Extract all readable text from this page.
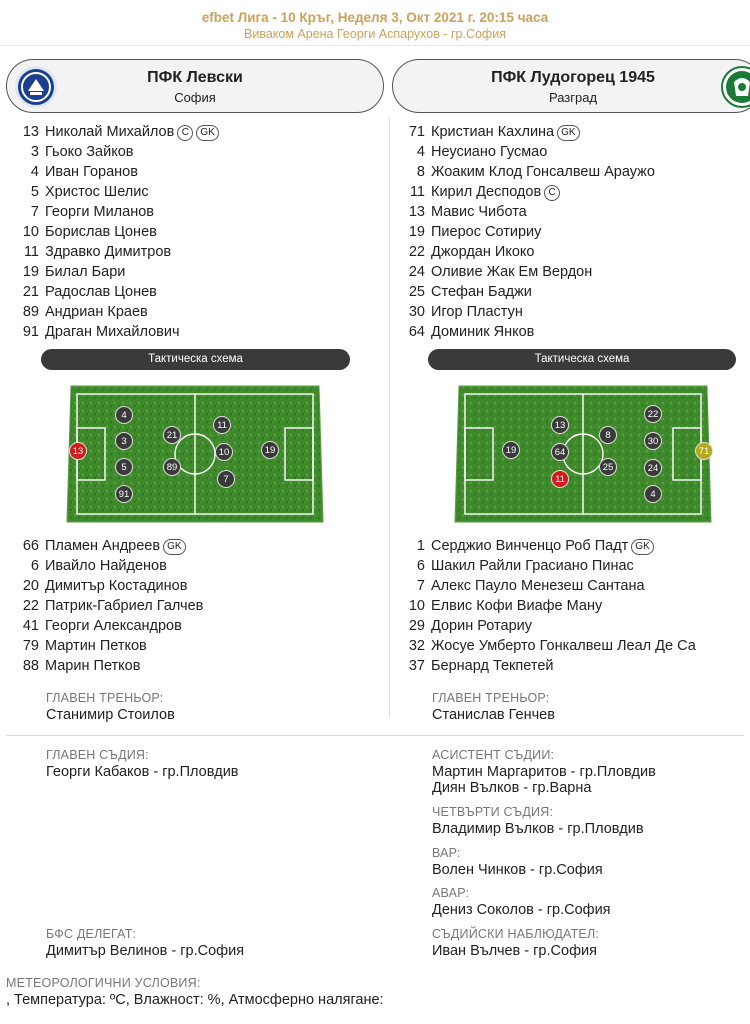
efbet Лига - 10 Кръг, Неделя 3, Окт 2021 г. 20:15 часа
Виваком Арена Георги Аспарухов - гр.София
ПФК Левски
София
ПФК Лудогорец 1945
Разград
13 Николай Михайлов C GK
3 Гьоко Зайков
4 Иван Горанов
5 Христос Шелис
7 Георги Миланов
10 Борислав Цонев
11 Здравко Димитров
19 Билал Бари
21 Радослав Цонев
89 Андриан Краев
91 Драган Михайлович
71 Кристиан Кахлина GK
4 Неусиано Гусмао
8 Жоаким Клод Гонсалвеш Араужо
11 Кирил Десподов C
13 Мавис Чибота
19 Пиерос Сотириу
22 Джордан Икоко
24 Оливие Жак Ем Вердон
25 Стефан Баджи
30 Игор Пластун
64 Доминик Янков
Тактическа схема	Тактическа схема
13
4
3
5
91
21
89
11
10
7
19
22
30
24
4
71
13
64
11
8
25
19
66 Пламен Андреев GK
6 Ивайло Найденов
20 Димитър Костадинов
22 Патрик-Габриел Галчев
41 Георги Александров
79 Мартин Петков
88 Марин Петков
1 Серджио Винченцо Роб Падт GK
6 Шакил Райли Грасиано Пинас
7 Алекс Пауло Менезеш Сантана
10 Елвис Кофи Виафе Ману
29 Дорин Ротариу
32 Жосуе Умберто Гонкалвеш Леал Де Са
37 Бернард Текпетей
ГЛАВЕН ТРЕНЬОР:
Станимир Стоилов
ГЛАВЕН ТРЕНЬОР:
Станислав Генчев
ГЛАВЕН СЪДИЯ:
Георги Кабаков - гр.Пловдив
АСИСТЕНТ СЪДИИ:
Мартин Маргаритов - гр.Пловдив
Диян Вълков - гр.Варна
ЧЕТВЪРТИ СЪДИЯ:
Владимир Вълков - гр.Пловдив
ВАР:
Волен Чинков - гр.София
АВАР:
Дениз Соколов - гр.София
БФС ДЕЛЕГАТ:
Димитър Велинов - гр.София
СЪДИЙСКИ НАБЛЮДАТЕЛ:
Иван Вълчев - гр.София
МЕТЕОРОЛОГИЧНИ УСЛОВИЯ:
, Температура: ºC, Влажност: %, Атмосферно налягане:
